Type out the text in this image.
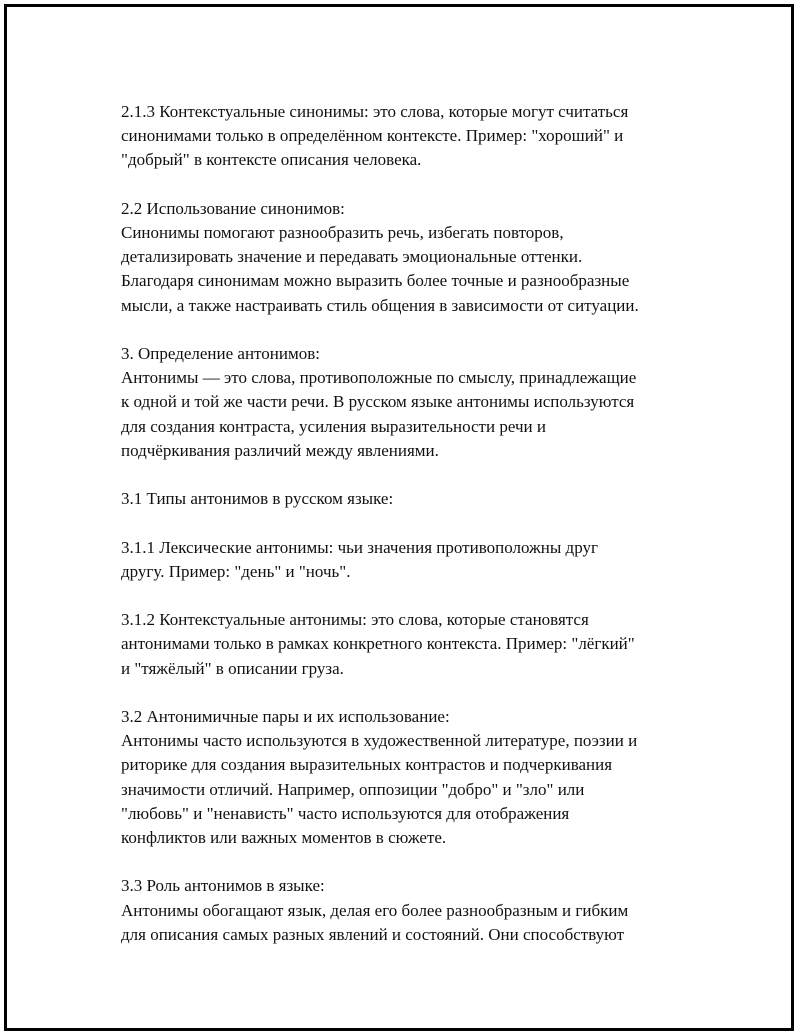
2.1.3 Контекстуальные синонимы: это слова, которые могут считаться
синонимами только в определённом контексте. Пример: "хороший" и
"добрый" в контексте описания человека.

2.2 Использование синонимов:
Синонимы помогают разнообразить речь, избегать повторов,
детализировать значение и передавать эмоциональные оттенки.
Благодаря синонимам можно выразить более точные и разнообразные
мысли, а также настраивать стиль общения в зависимости от ситуации.

3. Определение антонимов:
Антонимы — это слова, противоположные по смыслу, принадлежащие
к одной и той же части речи. В русском языке антонимы используются
для создания контраста, усиления выразительности речи и
подчёркивания различий между явлениями.

3.1 Типы антонимов в русском языке:

3.1.1 Лексические антонимы: чьи значения противоположны друг
другу. Пример: "день" и "ночь".

3.1.2 Контекстуальные антонимы: это слова, которые становятся
антонимами только в рамках конкретного контекста. Пример: "лёгкий"
и "тяжёлый" в описании груза.

3.2 Антонимичные пары и их использование:
Антонимы часто используются в художественной литературе, поэзии и
риторике для создания выразительных контрастов и подчеркивания
значимости отличий. Например, оппозиции "добро" и "зло" или
"любовь" и "ненависть" часто используются для отображения
конфликтов или важных моментов в сюжете.

3.3 Роль антонимов в языке:
Антонимы обогащают язык, делая его более разнообразным и гибким
для описания самых разных явлений и состояний. Они способствуют
